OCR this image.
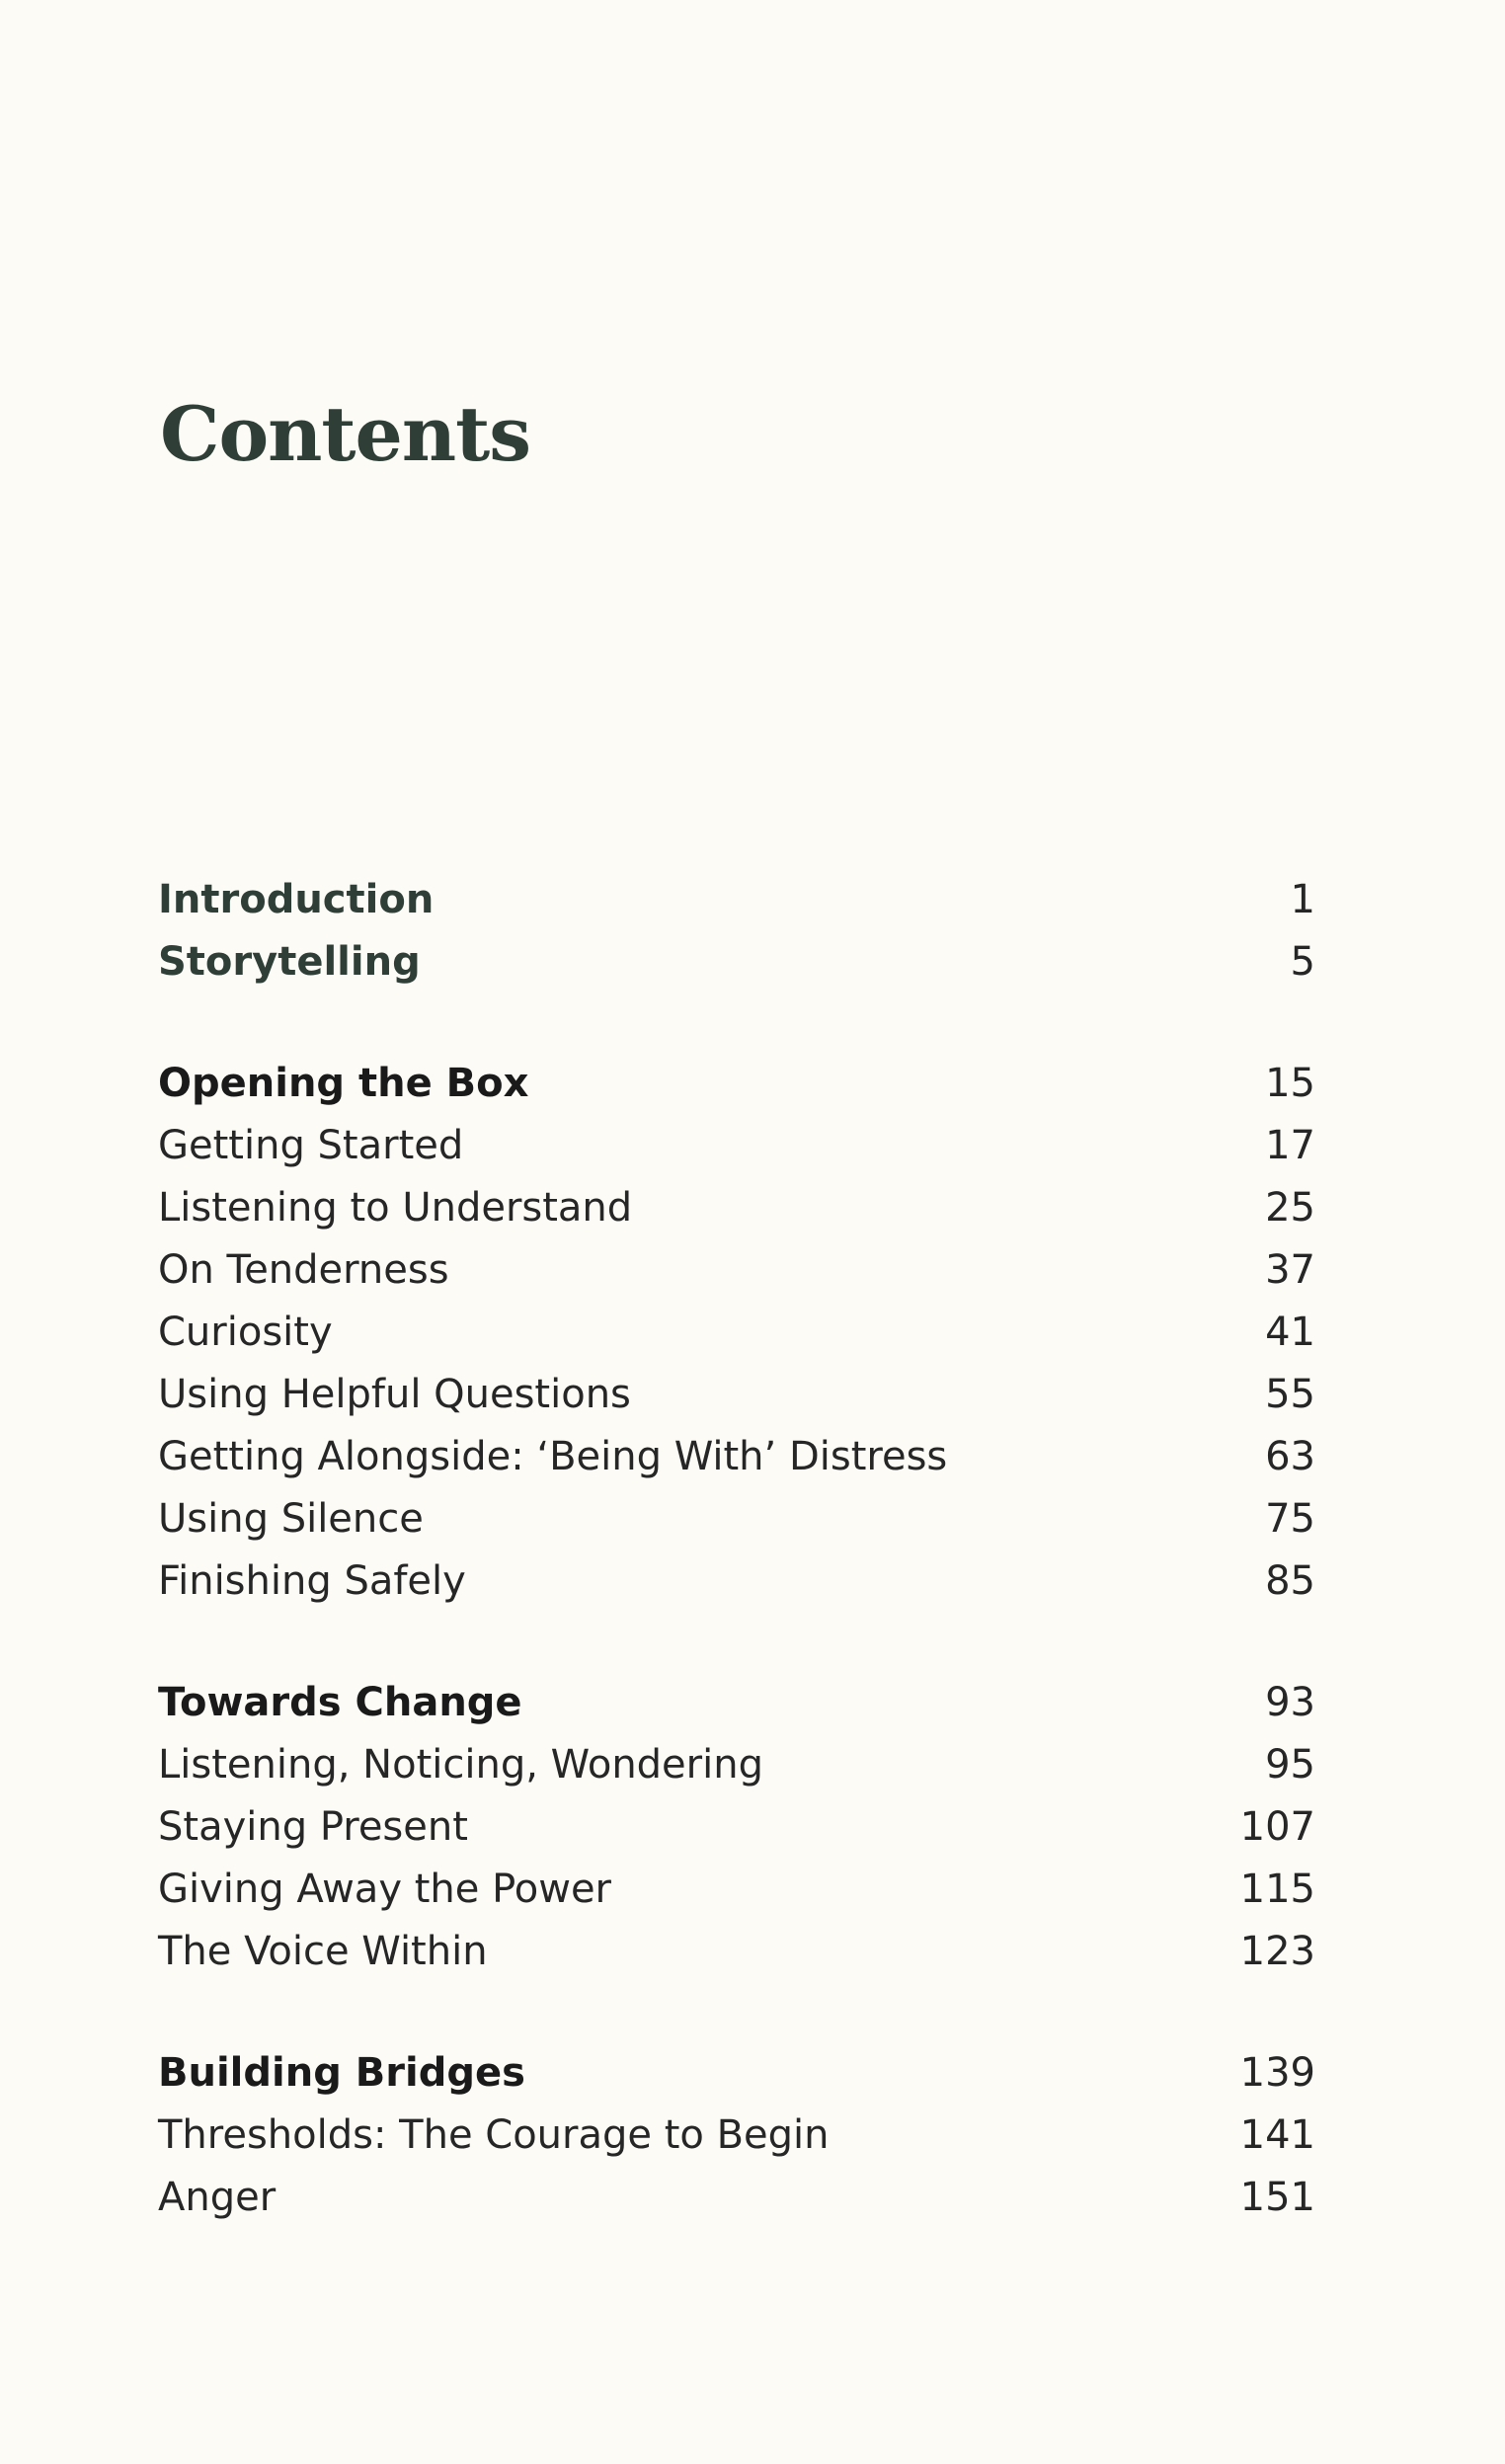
Contents
Introduction	1
Storytelling	5
Opening the Box	15
Getting Started	17
Listening to Understand	25
On Tenderness	37
Curiosity	41
Using Helpful Questions	55
Getting Alongside: ‘Being With’ Distress	63
Using Silence	75
Finishing Safely	85
Towards Change	93
Listening, Noticing, Wondering	95
Staying Present	107
Giving Away the Power	115
The Voice Within	123
Building Bridges	139
Thresholds: The Courage to Begin	141
Anger	151
